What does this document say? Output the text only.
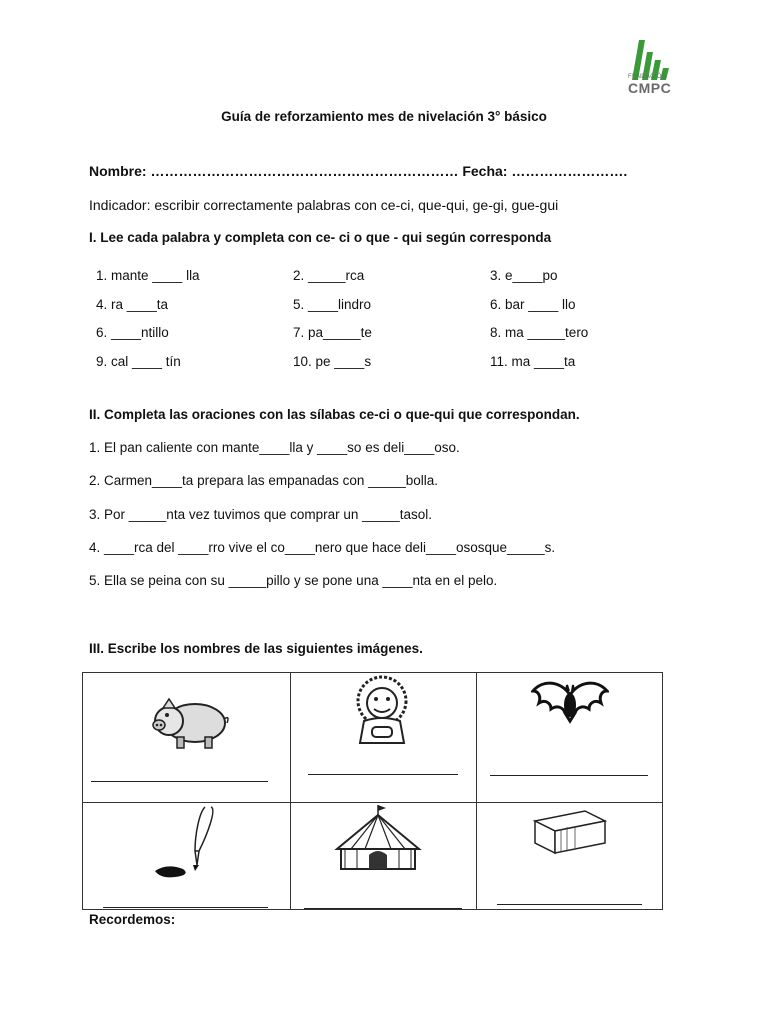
FUNDACIÓN
CMPC
Guía de reforzamiento mes de nivelación 3° básico
Nombre: ………………………………………………………… Fecha: …………………….
Indicador: escribir correctamente palabras con ce-ci, que-qui, ge-gi, gue-gui
I. Lee cada palabra y completa con ce- ci o que - qui según corresponda
1. mante ____ lla	2. _____rca	3. e____po
4. ra ____ta	5. ____lindro	6. bar ____ llo
6. ____ntillo	7. pa_____te	8. ma _____tero
9. cal ____ tín	10. pe ____s	11. ma ____ta
II. Completa las oraciones con las sílabas ce-ci o que-qui que correspondan.
1. El pan caliente con mante____lla y ____so es deli____oso.
2. Carmen____ta prepara las empanadas con _____bolla.
3. Por _____nta vez tuvimos que comprar un _____tasol.
4. ____rca del ____rro vive el co____nero que hace deli____ososque_____s.
5. Ella se peina con su _____pillo y se pone una ____nta en el pelo.
III. Escribe los nombres de las siguientes imágenes.
Recordemos:
